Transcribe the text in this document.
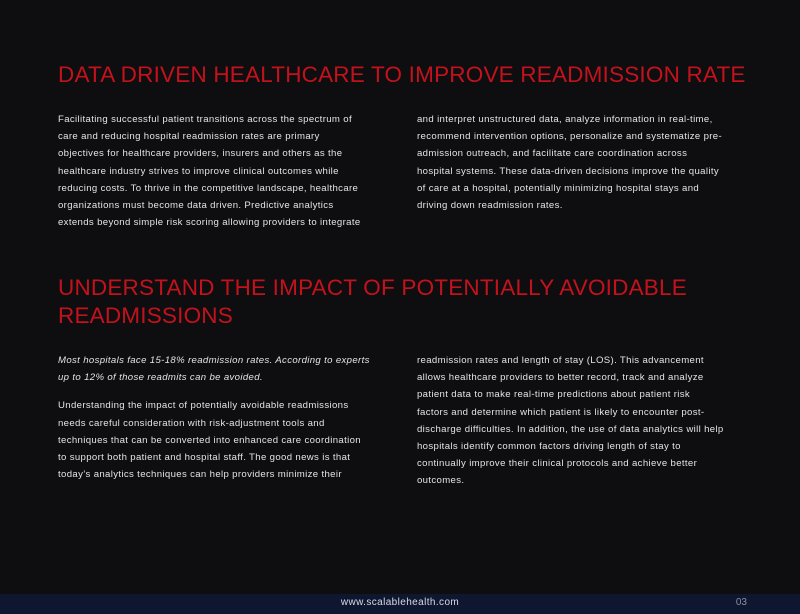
DATA DRIVEN HEALTHCARE TO IMPROVE READMISSION RATE

Facilitating successful patient transitions across the spectrum of
care and reducing hospital readmission rates are primary
objectives for healthcare providers, insurers and others as the
healthcare industry strives to improve clinical outcomes while
reducing costs. To thrive in the competitive landscape, healthcare
organizations must become data driven. Predictive analytics
extends beyond simple risk scoring allowing providers to integrate

and interpret unstructured data, analyze information in real-time,
recommend intervention options, personalize and systematize pre-
admission outreach, and facilitate care coordination across
hospital systems. These data-driven decisions improve the quality
of care at a hospital, potentially minimizing hospital stays and
driving down readmission rates.

UNDERSTAND THE IMPACT OF POTENTIALLY AVOIDABLE READMISSIONS

Most hospitals face 15-18% readmission rates. According to experts
up to 12% of those readmits can be avoided.

Understanding the impact of potentially avoidable readmissions
needs careful consideration with risk-adjustment tools and
techniques that can be converted into enhanced care coordination
to support both patient and hospital staff. The good news is that
today’s analytics techniques can help providers minimize their

readmission rates and length of stay (LOS). This advancement
allows healthcare providers to better record, track and analyze
patient data to make real-time predictions about patient risk
factors and determine which patient is likely to encounter post-
discharge difficulties. In addition, the use of data analytics will help
hospitals identify common factors driving length of stay to
continually improve their clinical protocols and achieve better
outcomes.

www.scalablehealth.com	03
